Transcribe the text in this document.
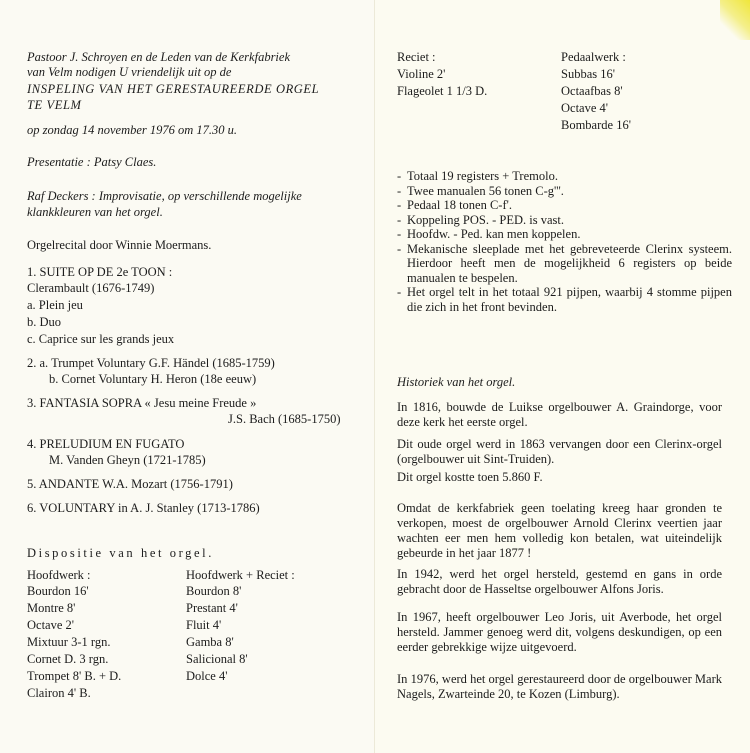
Pastoor J. Schroyen en de Leden van de Kerkfabriek
van Velm nodigen U vriendelijk uit op de
INSPELING VAN HET GERESTAUREERDE ORGEL
TE VELM
op zondag 14 november 1976 om 17.30 u.
Presentatie : Patsy Claes.
Raf Deckers : Improvisatie, op verschillende mogelijke
klankkleuren van het orgel.
Orgelrecital door Winnie Moermans.
1. SUITE OP DE 2e TOON :
Clerambault (1676-1749)
a. Plein jeu
b. Duo
c. Caprice sur les grands jeux
2. a. Trumpet Voluntary G.F. Händel (1685-1759)
b. Cornet Voluntary H. Heron (18e eeuw)
3. FANTASIA SOPRA « Jesu meine Freude »
J.S. Bach (1685-1750)
4. PRELUDIUM EN FUGATO
M. Vanden Gheyn (1721-1785)
5. ANDANTE W.A. Mozart (1756-1791)
6. VOLUNTARY in A. J. Stanley (1713-1786)
Dispositie van het orgel.
Hoofdwerk :
Bourdon 16'
Montre 8'
Octave 2'
Mixtuur 3-1 rgn.
Cornet D. 3 rgn.
Trompet 8' B. + D.
Clairon 4' B.
Hoofdwerk + Reciet :
Bourdon 8'
Prestant 4'
Fluit 4'
Gamba 8'
Salicional 8'
Dolce 4'
Reciet :
Violine 2'
Flageolet 1 1/3 D.
Pedaalwerk :
Subbas 16'
Octaafbas 8'
Octave 4'
Bombarde 16'
- Totaal 19 registers + Tremolo.
- Twee manualen 56 tonen C-g'''.
- Pedaal 18 tonen C-f'.
- Koppeling POS. - PED. is vast.
- Hoofdw. - Ped. kan men koppelen.
- Mekanische sleeplade met het gebreveteerde Clerinx systeem. Hierdoor heeft men de mogelijkheid 6 registers op beide manualen te bespelen.
- Het orgel telt in het totaal 921 pijpen, waarbij 4 stomme pijpen die zich in het front bevinden.
Historiek van het orgel.
In 1816, bouwde de Luikse orgelbouwer A. Graindorge, voor deze kerk het eerste orgel.
Dit oude orgel werd in 1863 vervangen door een Clerinx-orgel (orgelbouwer uit Sint-Truiden).
Dit orgel kostte toen 5.860 F.
Omdat de kerkfabriek geen toelating kreeg haar gronden te verkopen, moest de orgelbouwer Arnold Clerinx veertien jaar wachten eer men hem volledig kon betalen, wat uiteindelijk gebeurde in het jaar 1877 !
In 1942, werd het orgel hersteld, gestemd en gans in orde gebracht door de Hasseltse orgelbouwer Alfons Joris.
In 1967, heeft orgelbouwer Leo Joris, uit Averbode, het orgel hersteld. Jammer genoeg werd dit, volgens deskundigen, op een eerder gebrekkige wijze uitgevoerd.
In 1976, werd het orgel gerestaureerd door de orgelbouwer Mark Nagels, Zwarteinde 20, te Kozen (Limburg).
